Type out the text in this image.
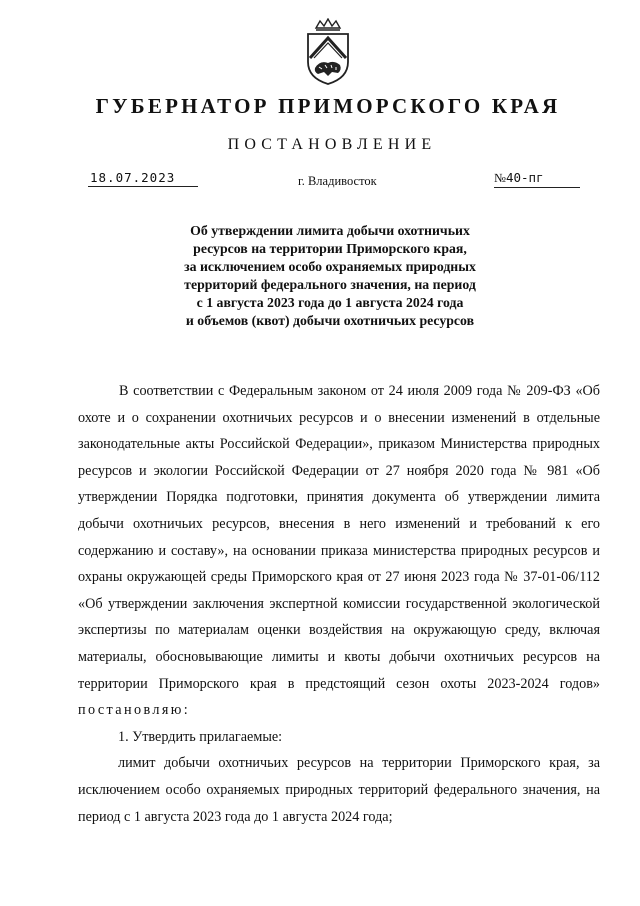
ГУБЕРНАТОР ПРИМОРСКОГО КРАЯ
ПОСТАНОВЛЕНИЕ
18.07.2023	г. Владивосток	№40-пг
Об утверждении лимита добычи охотничьих
ресурсов на территории Приморского края,
за исключением особо охраняемых природных
территорий федерального значения, на период
с 1 августа 2023 года до 1 августа 2024 года
и объемов (квот) добычи охотничьих ресурсов

В соответствии с Федеральным законом от 24 июля 2009 года № 209-ФЗ «Об охоте и о сохранении охотничьих ресурсов и о внесении изменений в отдельные законодательные акты Российской Федерации», приказом Министерства природных ресурсов и экологии Российской Федерации от 27 ноября 2020 года № 981 «Об утверждении Порядка подготовки, принятия документа об утверждении лимита добычи охотничьих ресурсов, внесения в него изменений и требований к его содержанию и составу», на основании приказа министерства природных ресурсов и охраны окружающей среды Приморского края от 27 июня 2023 года № 37-01-06/112 «Об утверждении заключения экспертной комиссии государственной экологической экспертизы по материалам оценки воздействия на окружающую среду, включая материалы, обосновывающие лимиты и квоты добычи охотничьих ресурсов на территории Приморского края в предстоящий сезон охоты 2023-2024 годов» постановляю:

1. Утвердить прилагаемые:

лимит добычи охотничьих ресурсов на территории Приморского края, за исключением особо охраняемых природных территорий федерального значения, на период с 1 августа 2023 года до 1 августа 2024 года;
